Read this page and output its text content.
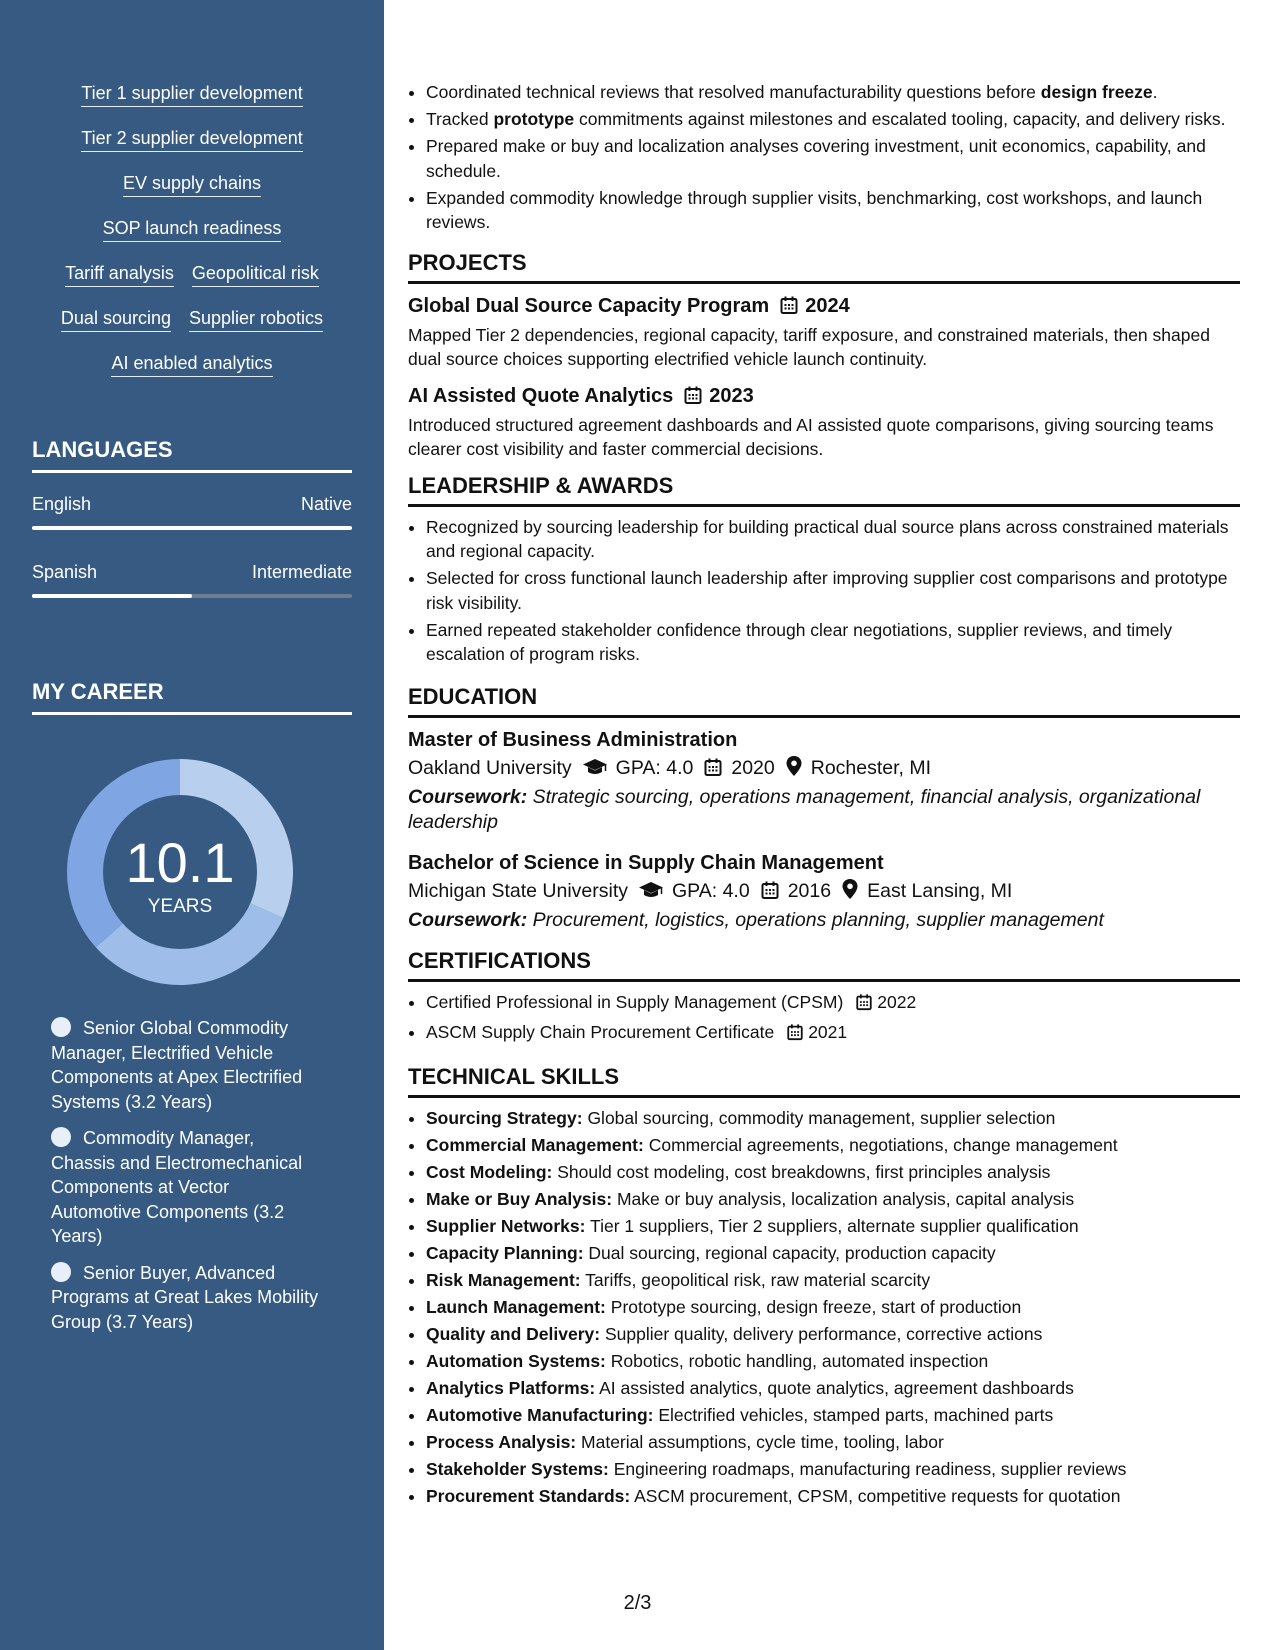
Tier 1 supplier development
Tier 2 supplier development
EV supply chains
SOP launch readiness
Tariff analysis Geopolitical risk
Dual sourcing Supplier robotics
AI enabled analytics
LANGUAGES
English	Native
Spanish	Intermediate
MY CAREER
10.1
YEARS
Senior Global Commodity Manager, Electrified Vehicle Components at Apex Electrified Systems (3.2 Years)
Commodity Manager, Chassis and Electromechanical Components at Vector Automotive Components (3.2 Years)
Senior Buyer, Advanced Programs at Great Lakes Mobility Group (3.7 Years)
• Coordinated technical reviews that resolved manufacturability questions before design freeze.
• Tracked prototype commitments against milestones and escalated tooling, capacity, and delivery risks.
• Prepared make or buy and localization analyses covering investment, unit economics, capability, and schedule.
• Expanded commodity knowledge through supplier visits, benchmarking, cost workshops, and launch reviews.
PROJECTS
Global Dual Source Capacity Program 2024
Mapped Tier 2 dependencies, regional capacity, tariff exposure, and constrained materials, then shaped dual source choices supporting electrified vehicle launch continuity.
AI Assisted Quote Analytics 2023
Introduced structured agreement dashboards and AI assisted quote comparisons, giving sourcing teams clearer cost visibility and faster commercial decisions.
LEADERSHIP & AWARDS
• Recognized by sourcing leadership for building practical dual source plans across constrained materials and regional capacity.
• Selected for cross functional launch leadership after improving supplier cost comparisons and prototype risk visibility.
• Earned repeated stakeholder confidence through clear negotiations, supplier reviews, and timely escalation of program risks.
EDUCATION
Master of Business Administration
Oakland University GPA: 4.0 2020 Rochester, MI
Coursework: Strategic sourcing, operations management, financial analysis, organizational leadership
Bachelor of Science in Supply Chain Management
Michigan State University GPA: 4.0 2016 East Lansing, MI
Coursework: Procurement, logistics, operations planning, supplier management
CERTIFICATIONS
• Certified Professional in Supply Management (CPSM) 2022
• ASCM Supply Chain Procurement Certificate 2021
TECHNICAL SKILLS
• Sourcing Strategy: Global sourcing, commodity management, supplier selection
• Commercial Management: Commercial agreements, negotiations, change management
• Cost Modeling: Should cost modeling, cost breakdowns, first principles analysis
• Make or Buy Analysis: Make or buy analysis, localization analysis, capital analysis
• Supplier Networks: Tier 1 suppliers, Tier 2 suppliers, alternate supplier qualification
• Capacity Planning: Dual sourcing, regional capacity, production capacity
• Risk Management: Tariffs, geopolitical risk, raw material scarcity
• Launch Management: Prototype sourcing, design freeze, start of production
• Quality and Delivery: Supplier quality, delivery performance, corrective actions
• Automation Systems: Robotics, robotic handling, automated inspection
• Analytics Platforms: AI assisted analytics, quote analytics, agreement dashboards
• Automotive Manufacturing: Electrified vehicles, stamped parts, machined parts
• Process Analysis: Material assumptions, cycle time, tooling, labor
• Stakeholder Systems: Engineering roadmaps, manufacturing readiness, supplier reviews
• Procurement Standards: ASCM procurement, CPSM, competitive requests for quotation
2/3
